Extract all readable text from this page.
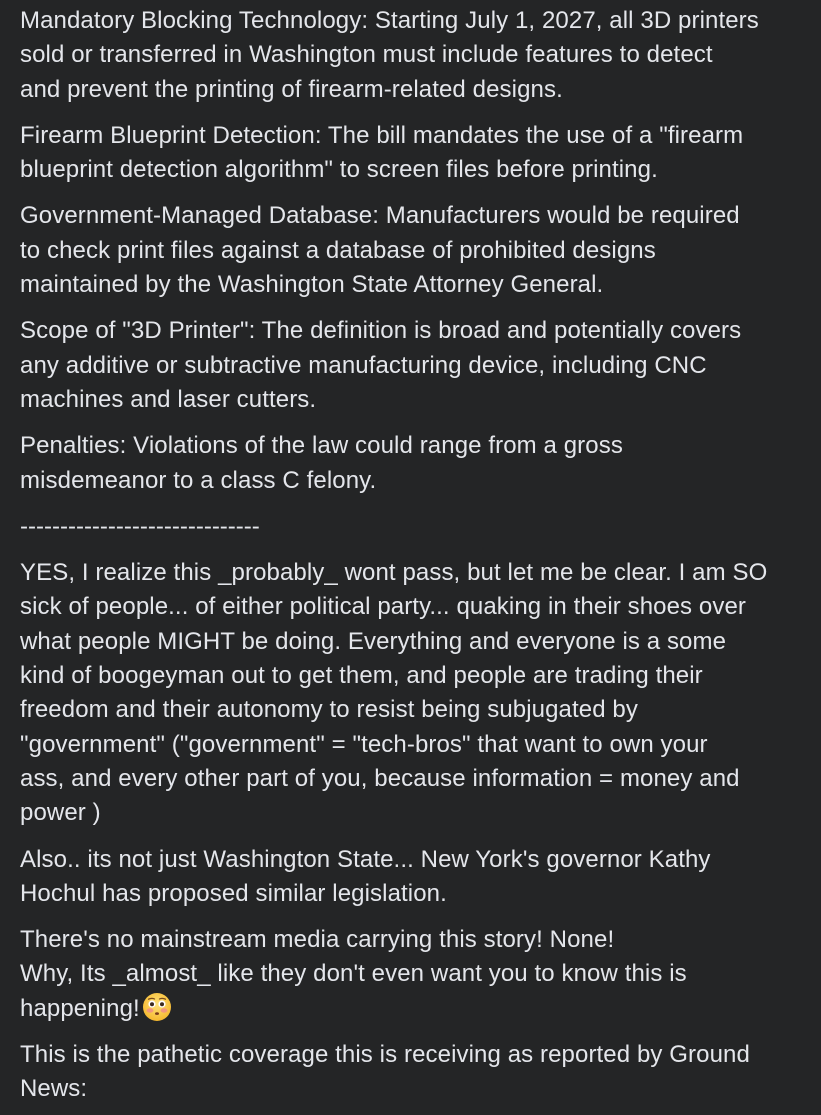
Mandatory Blocking Technology: Starting July 1, 2027, all 3D printers
sold or transferred in Washington must include features to detect
and prevent the printing of firearm-related designs.

Firearm Blueprint Detection: The bill mandates the use of a "firearm
blueprint detection algorithm" to screen files before printing.

Government-Managed Database: Manufacturers would be required
to check print files against a database of prohibited designs
maintained by the Washington State Attorney General.

Scope of "3D Printer": The definition is broad and potentially covers
any additive or subtractive manufacturing device, including CNC
machines and laser cutters.

Penalties: Violations of the law could range from a gross
misdemeanor to a class C felony.

------------------------------

YES, I realize this _probably_ wont pass, but let me be clear. I am SO
sick of people... of either political party... quaking in their shoes over
what people MIGHT be doing. Everything and everyone is a some
kind of boogeyman out to get them, and people are trading their
freedom and their autonomy to resist being subjugated by
"government" ("government" = "tech-bros" that want to own your
ass, and every other part of you, because information = money and
power )

Also.. its not just Washington State... New York's governor Kathy
Hochul has proposed similar legislation.

There's no mainstream media carrying this story! None!
Why, Its _almost_ like they don't even want you to know this is
happening!

This is the pathetic coverage this is receiving as reported by Ground
News:
